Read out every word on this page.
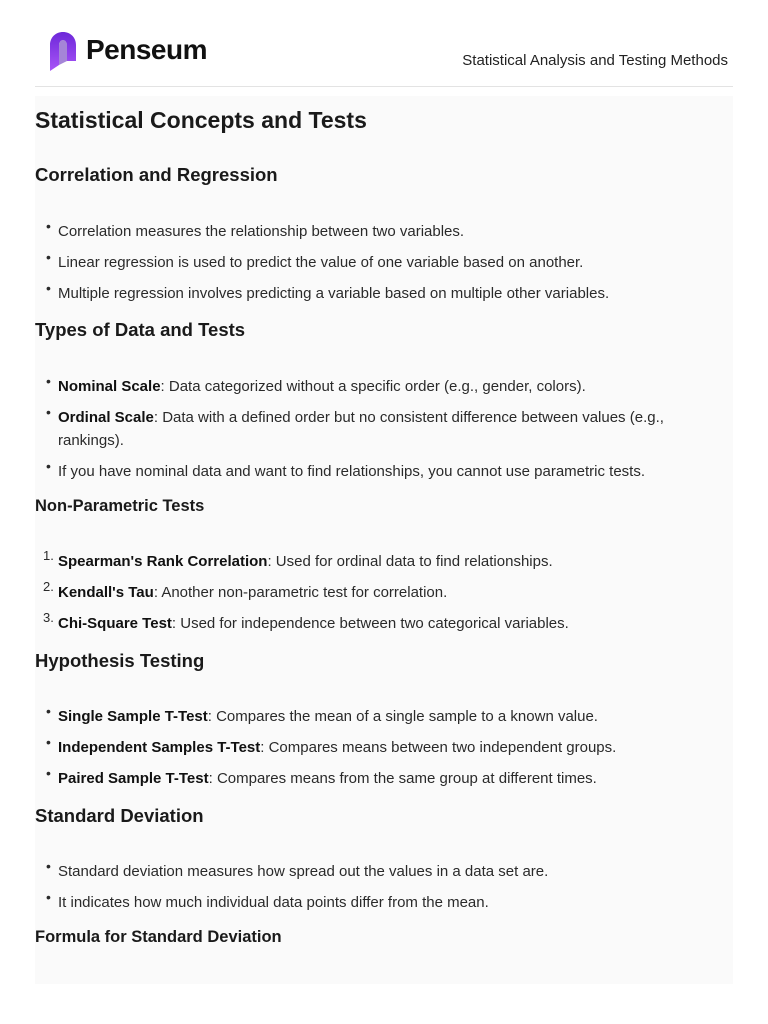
Penseum	Statistical Analysis and Testing Methods
Statistical Concepts and Tests
Correlation and Regression
• Correlation measures the relationship between two variables.
• Linear regression is used to predict the value of one variable based on another.
• Multiple regression involves predicting a variable based on multiple other variables.
Types of Data and Tests
• Nominal Scale: Data categorized without a specific order (e.g., gender, colors).
• Ordinal Scale: Data with a defined order but no consistent difference between values (e.g., rankings).
• If you have nominal data and want to find relationships, you cannot use parametric tests.
Non-Parametric Tests
1. Spearman's Rank Correlation: Used for ordinal data to find relationships.
2. Kendall's Tau: Another non-parametric test for correlation.
3. Chi-Square Test: Used for independence between two categorical variables.
Hypothesis Testing
• Single Sample T-Test: Compares the mean of a single sample to a known value.
• Independent Samples T-Test: Compares means between two independent groups.
• Paired Sample T-Test: Compares means from the same group at different times.
Standard Deviation
• Standard deviation measures how spread out the values in a data set are.
• It indicates how much individual data points differ from the mean.
Formula for Standard Deviation
